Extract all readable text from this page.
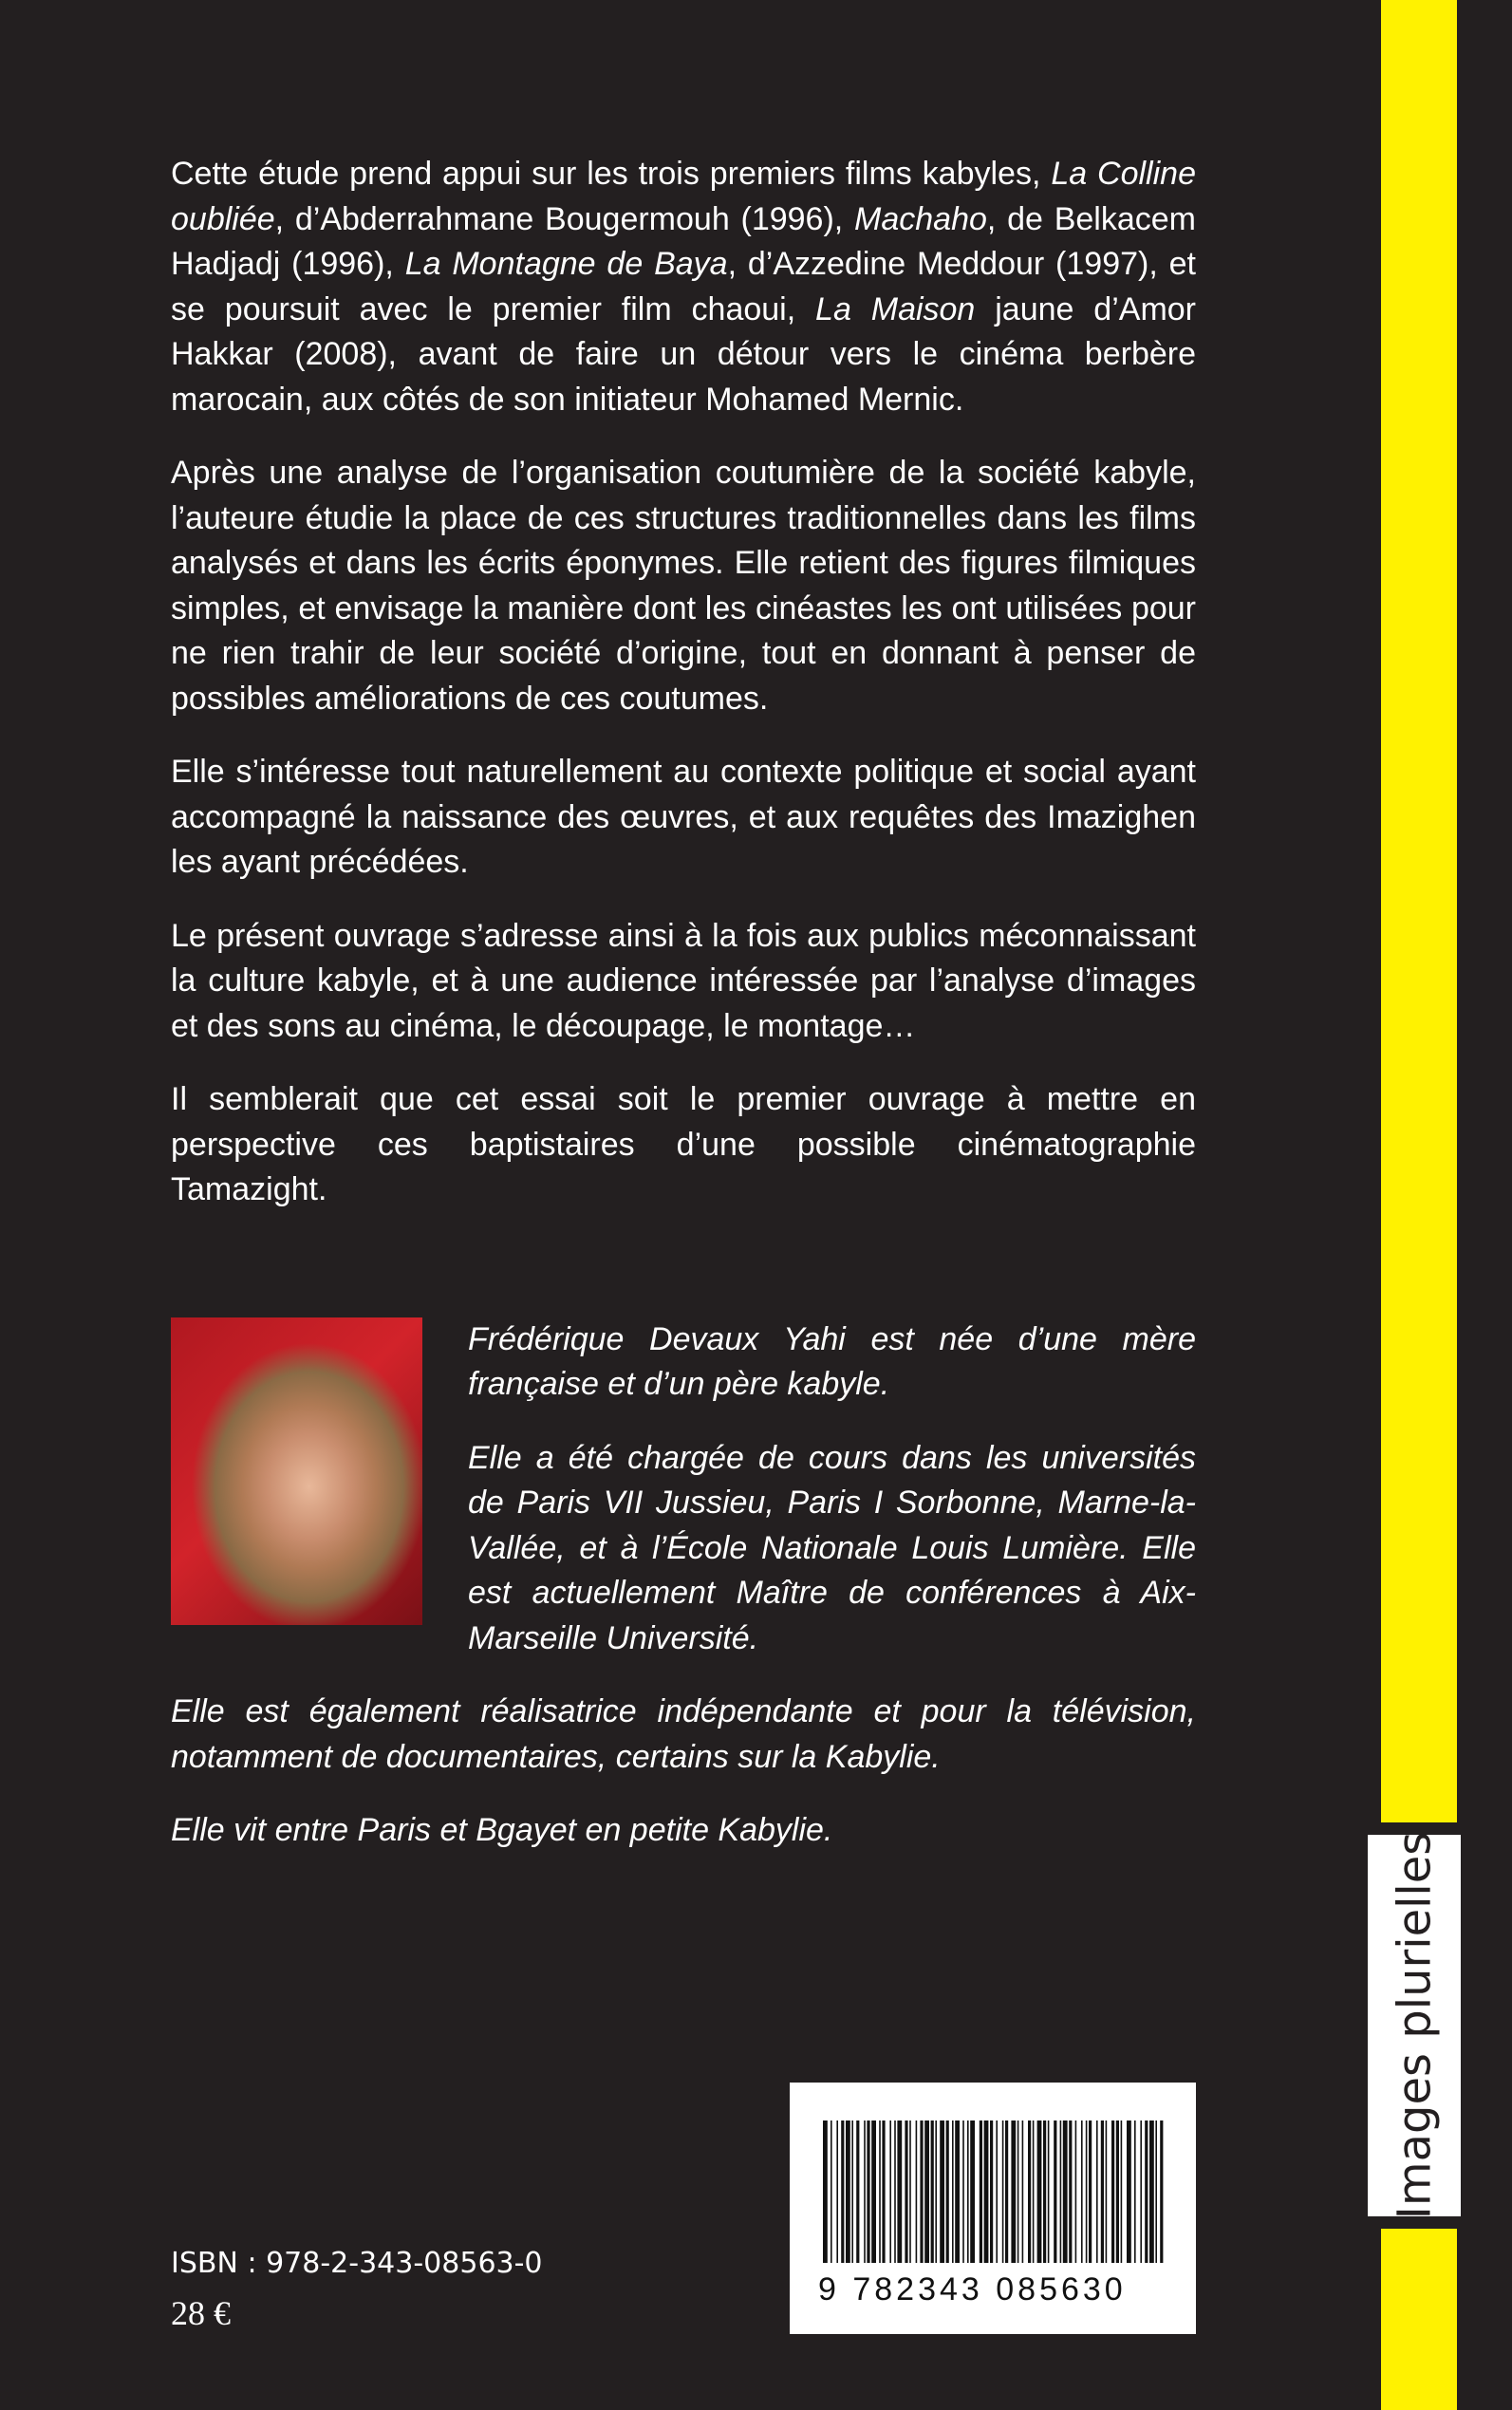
Images plurielles

Cette étude prend appui sur les trois premiers films kabyles, La Colline oubliée, d’Abderrahmane Bougermouh (1996), Machaho, de Belkacem Hadjadj (1996), La Montagne de Baya, d’Azzedine Meddour (1997), et se poursuit avec le premier film chaoui, La Maison jaune d’Amor Hakkar (2008), avant de faire un détour vers le cinéma berbère marocain, aux côtés de son initiateur Mohamed Mernic.

Après une analyse de l’organisation coutumière de la société kabyle, l’auteure étudie la place de ces structures traditionnelles dans les films analysés et dans les écrits éponymes. Elle retient des figures filmiques simples, et envisage la manière dont les cinéastes les ont utilisées pour ne rien trahir de leur société d’origine, tout en donnant à penser de possibles améliorations de ces coutumes.

Elle s’intéresse tout naturellement au contexte politique et social ayant accompagné la naissance des œuvres, et aux requêtes des Imazighen les ayant précédées.

Le présent ouvrage s’adresse ainsi à la fois aux publics méconnaissant la culture kabyle, et à une audience intéressée par l’analyse d’images et des sons au cinéma, le découpage, le montage…

Il semblerait que cet essai soit le premier ouvrage à mettre en perspective ces baptistaires d’une possible cinématographie Tamazight.

Frédérique Devaux Yahi est née d’une mère française et d’un père kabyle.

Elle a été chargée de cours dans les universités de Paris VII Jussieu, Paris I Sorbonne, Marne-la-Vallée, et à l’École Nationale Louis Lumière. Elle est actuellement Maître de conférences à Aix-Marseille Université.

Elle est également réalisatrice indépendante et pour la télévision, notamment de documentaires, certains sur la Kabylie.

Elle vit entre Paris et Bgayet en petite Kabylie.

ISBN : 978-2-343-08563-0
28 €
9 782343 085630
